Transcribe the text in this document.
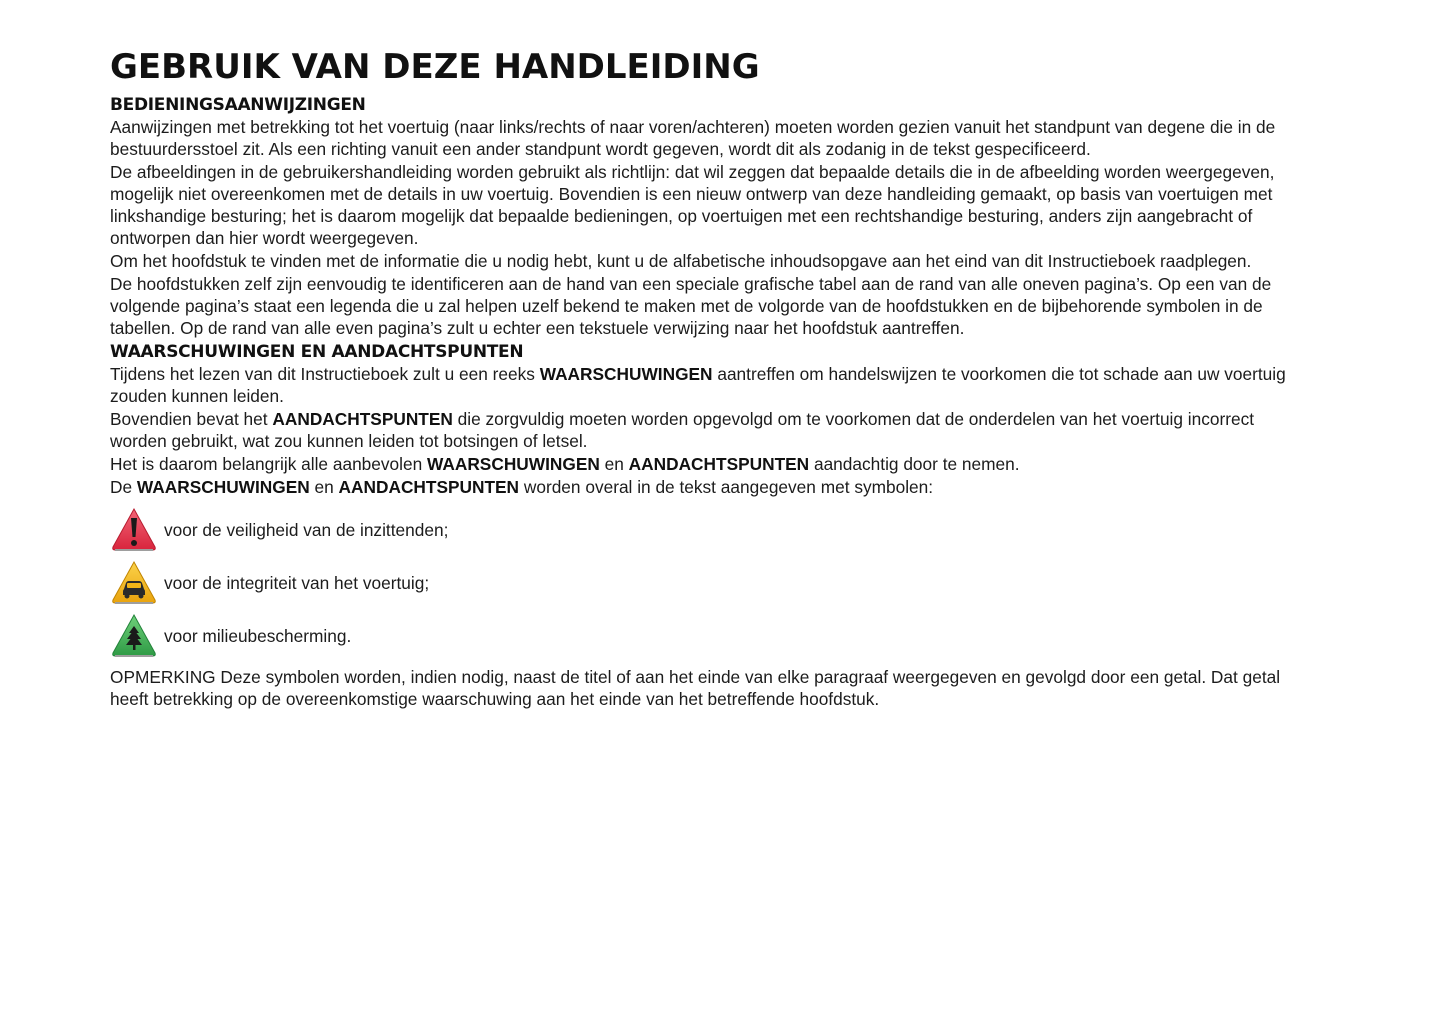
GEBRUIK VAN DEZE HANDLEIDING
BEDIENINGSAANWIJZINGEN

Aanwijzingen met betrekking tot het voertuig (naar links/rechts of naar voren/achteren) moeten worden gezien vanuit het standpunt van degene die in de bestuurdersstoel zit. Als een richting vanuit een ander standpunt wordt gegeven, wordt dit als zodanig in de tekst gespecificeerd.

De afbeeldingen in de gebruikershandleiding worden gebruikt als richtlijn: dat wil zeggen dat bepaalde details die in de afbeelding worden weergegeven, mogelijk niet overeenkomen met de details in uw voertuig. Bovendien is een nieuw ontwerp van deze handleiding gemaakt, op basis van voertuigen met linkshandige besturing; het is daarom mogelijk dat bepaalde bedieningen, op voertuigen met een rechtshandige besturing, anders zijn aangebracht of ontworpen dan hier wordt weergegeven.

Om het hoofdstuk te vinden met de informatie die u nodig hebt, kunt u de alfabetische inhoudsopgave aan het eind van dit Instructieboek raadplegen.

De hoofdstukken zelf zijn eenvoudig te identificeren aan de hand van een speciale grafische tabel aan de rand van alle oneven pagina’s. Op een van de volgende pagina’s staat een legenda die u zal helpen uzelf bekend te maken met de volgorde van de hoofdstukken en de bijbehorende symbolen in de tabellen. Op de rand van alle even pagina’s zult u echter een tekstuele verwijzing naar het hoofdstuk aantreffen.

WAARSCHUWINGEN EN AANDACHTSPUNTEN

Tijdens het lezen van dit Instructieboek zult u een reeks WAARSCHUWINGEN aantreffen om handelswijzen te voorkomen die tot schade aan uw voertuig zouden kunnen leiden.

Bovendien bevat het AANDACHTSPUNTEN die zorgvuldig moeten worden opgevolgd om te voorkomen dat de onderdelen van het voertuig incorrect worden gebruikt, wat zou kunnen leiden tot botsingen of letsel.

Het is daarom belangrijk alle aanbevolen WAARSCHUWINGEN en AANDACHTSPUNTEN aandachtig door te nemen.

De WAARSCHUWINGEN en AANDACHTSPUNTEN worden overal in de tekst aangegeven met symbolen:

voor de veiligheid van de inzittenden;
voor de integriteit van het voertuig;
voor milieubescherming.

OPMERKING Deze symbolen worden, indien nodig, naast de titel of aan het einde van elke paragraaf weergegeven en gevolgd door een getal. Dat getal heeft betrekking op de overeenkomstige waarschuwing aan het einde van het betreffende hoofdstuk.
